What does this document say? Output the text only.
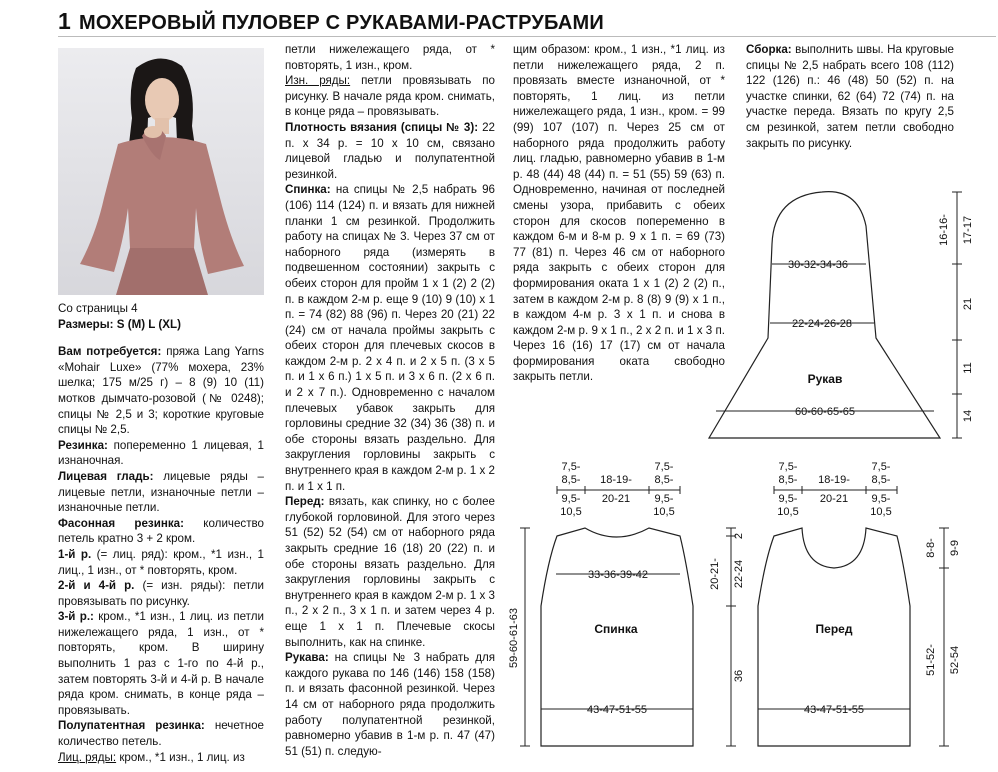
1 МОХЕРОВЫЙ ПУЛОВЕР С РУКАВАМИ-РАСТРУБАМИ

Со страницы 4

Размеры: S (M) L (XL)

Вам потребуется: пряжа Lang Yarns «Mohair Luxe» (77% мохера, 23% шелка; 175 м/25 г) – 8 (9) 10 (11) мотков дымчато-розовой (№ 0248); спицы № 2,5 и 3; короткие круговые спицы № 2,5.

Резинка: попеременно 1 лицевая, 1 изнаночная.

Лицевая гладь: лицевые ряды – лицевые петли, изнаночные петли – изнаночные петли.

Фасонная резинка: количество петель кратно 3 + 2 кром.

1-й р. (= лиц. ряд): кром., *1 изн., 1 лиц., 1 изн., от * повторять, кром.

2-й и 4-й р. (= изн. ряды): петли провязывать по рисунку.

3-й р.: кром., *1 изн., 1 лиц. из петли нижележащего ряда, 1 изн., от * повторять, кром. В ширину выполнить 1 раз с 1-го по 4-й р., затем повторять 3-й и 4-й р. В начале ряда кром. снимать, в конце ряда – провязывать.

Полупатентная резинка: нечетное количество петель.

Лиц. ряды: кром., *1 изн., 1 лиц. из

петли нижележащего ряда, от * повторять, 1 изн., кром.

Изн. ряды: петли провязывать по рисунку. В начале ряда кром. снимать, в конце ряда – провязывать.

Плотность вязания (спицы № 3): 22 п. х 34 р. = 10 х 10 см, связано лицевой гладью и полупатентной резинкой.

Спинка: на спицы № 2,5 набрать 96 (106) 114 (124) п. и вязать для нижней планки 1 см резинкой. Продолжить работу на спицах № 3. Через 37 см от наборного ряда (измерять в подвешенном состоянии) закрыть с обеих сторон для пройм 1 х 1 (2) 2 (2) п. в каждом 2-м р. еще 9 (10) 9 (10) х 1 п. = 74 (82) 88 (96) п. Через 20 (21) 22 (24) см от начала проймы закрыть с обеих сторон для плечевых скосов в каждом 2-м р. 2 х 4 п. и 2 х 5 п. (3 х 5 п. и 1 х 6 п.) 1 х 5 п. и 3 х 6 п. (2 х 6 п. и 2 х 7 п.). Одновременно с началом плечевых убавок закрыть для горловины средние 32 (34) 36 (38) п. и обе стороны вязать раздельно. Для закругления горловины закрыть с внутреннего края в каждом 2-м р. 1 х 2 п. и 1 х 1 п.

Перед: вязать, как спинку, но с более глубокой горловиной. Для этого через 51 (52) 52 (54) см от наборного ряда закрыть средние 16 (18) 20 (22) п. и обе стороны вязать раздельно. Для закругления горловины закрыть с внутреннего края в каждом 2-м р. 1 х 3 п., 2 х 2 п., 3 х 1 п. и затем через 4 р. еще 1 х 1 п. Плечевые скосы выполнить, как на спинке.

Рукава: на спицы № 3 набрать для каждого рукава по 146 (146) 158 (158) п. и вязать фасонной резинкой. Через 14 см от наборного ряда продолжить работу полупатентной резинкой, равномерно убавив в 1-м р. п. 47 (47) 51 (51) п. следую-

щим образом: кром., 1 изн., *1 лиц. из петли нижележащего ряда, 2 п. провязать вместе изнаночной, от * повторять, 1 лиц. из петли нижележащего ряда, 1 изн., кром. = 99 (99) 107 (107) п. Через 25 см от наборного ряда продолжить работу лиц. гладью, равномерно убавив в 1-м р. 48 (44) 48 (44) п. = 51 (55) 59 (63) п. Одновременно, начиная от последней смены узора, прибавить с обеих сторон для скосов попеременно в каждом 6-м и 8-м р. 9 х 1 п. = 69 (73) 77 (81) п. Через 46 см от наборного ряда закрыть с обеих сторон для формирования оката 1 х 1 (2) 2 (2) п., затем в каждом 2-м р. 8 (8) 9 (9) х 1 п., в каждом 4-м р. 3 х 1 п. и снова в каждом 2-м р. 9 х 1 п., 2 х 2 п. и 1 х 3 п. Через 16 (16) 17 (17) см от начала формирования оката свободно закрыть петли.

Сборка: выполнить швы. На круговые спицы № 2,5 набрать всего 108 (112) 122 (126) п.: 46 (48) 50 (52) п. на участке спинки, 62 (64) 72 (74) п. на участке переда. Вязать по кругу 2,5 см резинкой, затем петли свободно закрыть по рисунку.

30-32-34-36
22-24-26-28
Рукав
60-60-65-65
16-16- 17-17
21
11
14
7,5-
8,5- 18-19-
7,5-
8,5-
9,5-
10,5
20-21 9,5-
10,5
33-36-39-42
Спинка
43-47-51-55
59-60-61-63
20-21- 22-24
2
36
7,5-
8,5- 18-19-
7,5-
8,5-
9,5-
10,5
20-21 9,5-
10,5
Перед
43-47-51-55
8-8- 9-9
51-52- 52-54
